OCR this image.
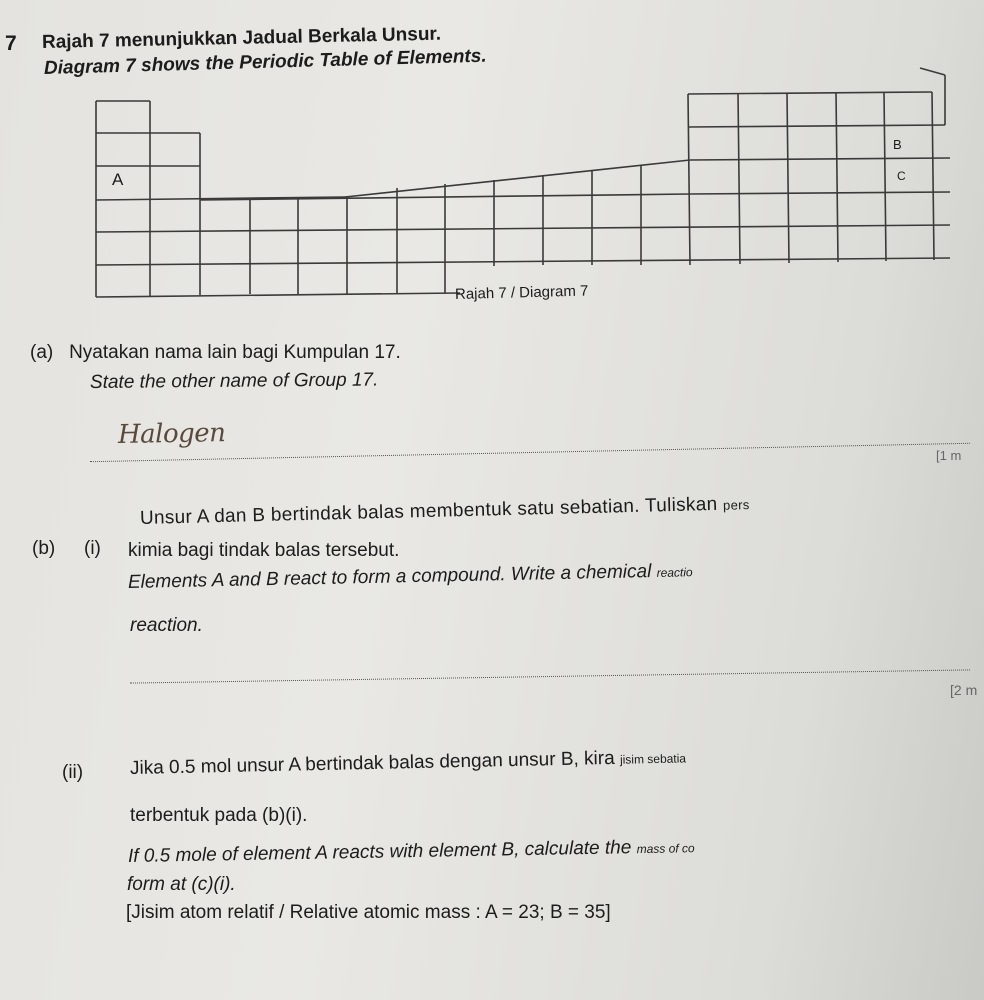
7 Rajah 7 menunjukkan Jadual Berkala Unsur.
Diagram 7 shows the Periodic Table of Elements.
A
B
C
Rajah 7 / Diagram 7
(a) Nyatakan nama lain bagi Kumpulan 17.
State the other name of Group 17.
Halogen
[1 m
(b) (i)
Unsur A dan B bertindak balas membentuk satu sebatian. Tuliskan pers
kimia bagi tindak balas tersebut.
Elements A and B react to form a compound. Write a chemical reactio
reaction.
[2 m
(ii) Jika 0.5 mol unsur A bertindak balas dengan unsur B, kira jisim sebatia
terbentuk pada (b)(i).
If 0.5 mole of element A reacts with element B, calculate the mass of co
form at (c)(i).
[Jisim atom relatif / Relative atomic mass : A = 23; B = 35]
